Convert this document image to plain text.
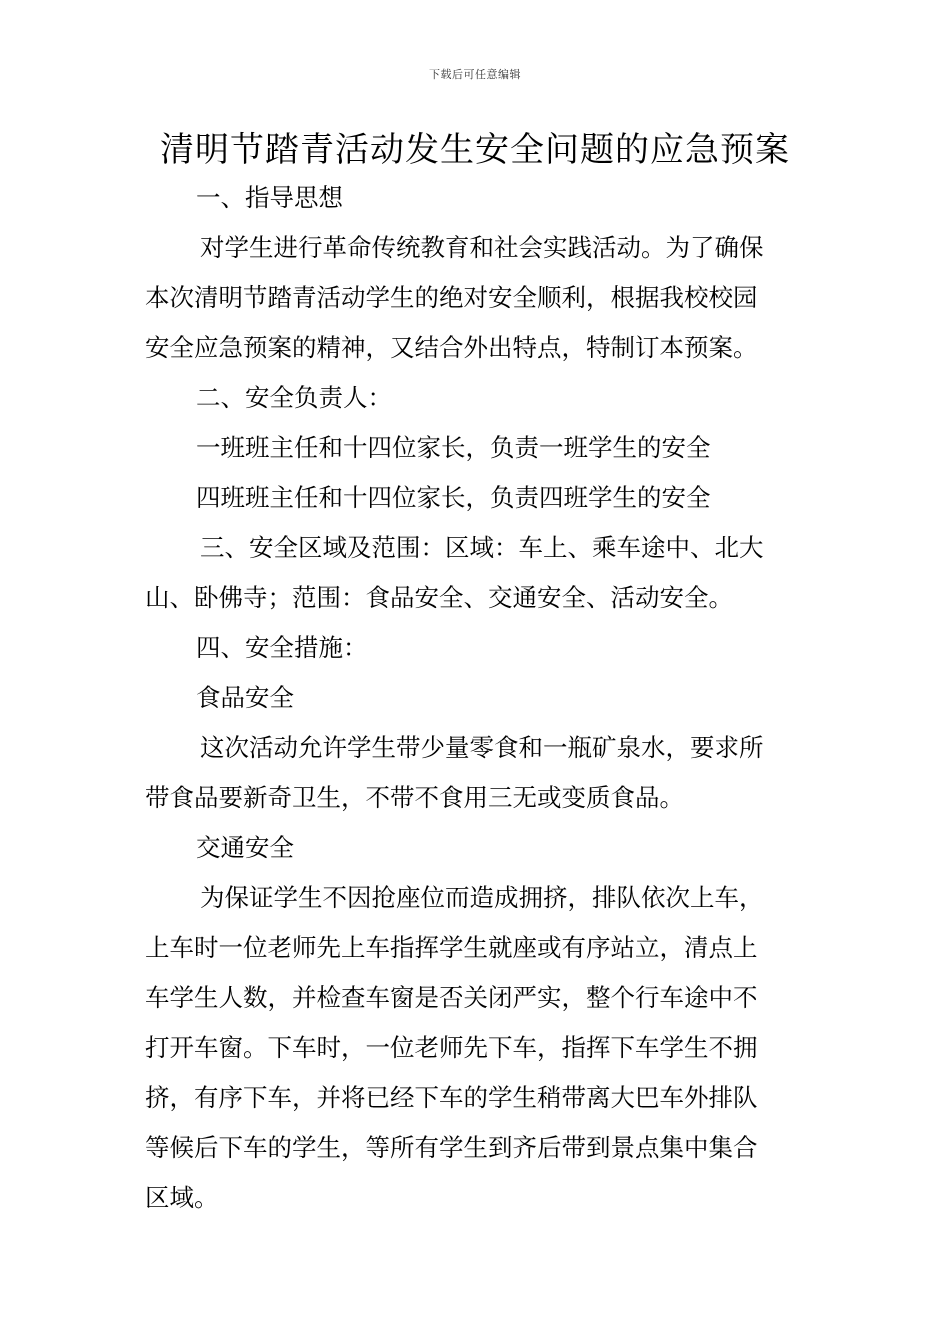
下载后可任意编辑
清明节踏青活动发生安全问题的应急预案
一、指导思想
对学生进行革命传统教育和社会实践活动。为了确保
本次清明节踏青活动学生的绝对安全顺利，根据我校校园
安全应急预案的精神，又结合外出特点，特制订本预案。
二、安全负责人：
一班班主任和十四位家长，负责一班学生的安全
四班班主任和十四位家长，负责四班学生的安全
三、安全区域及范围：区域：车上、乘车途中、北大
山、卧佛寺；范围：食品安全、交通安全、活动安全。
四、安全措施：
食品安全
这次活动允许学生带少量零食和一瓶矿泉水，要求所
带食品要新奇卫生，不带不食用三无或变质食品。
交通安全
为保证学生不因抢座位而造成拥挤，排队依次上车，
上车时一位老师先上车指挥学生就座或有序站立，清点上
车学生人数，并检查车窗是否关闭严实，整个行车途中不
打开车窗。下车时，一位老师先下车，指挥下车学生不拥
挤，有序下车，并将已经下车的学生稍带离大巴车外排队
等候后下车的学生，等所有学生到齐后带到景点集中集合
区域。
